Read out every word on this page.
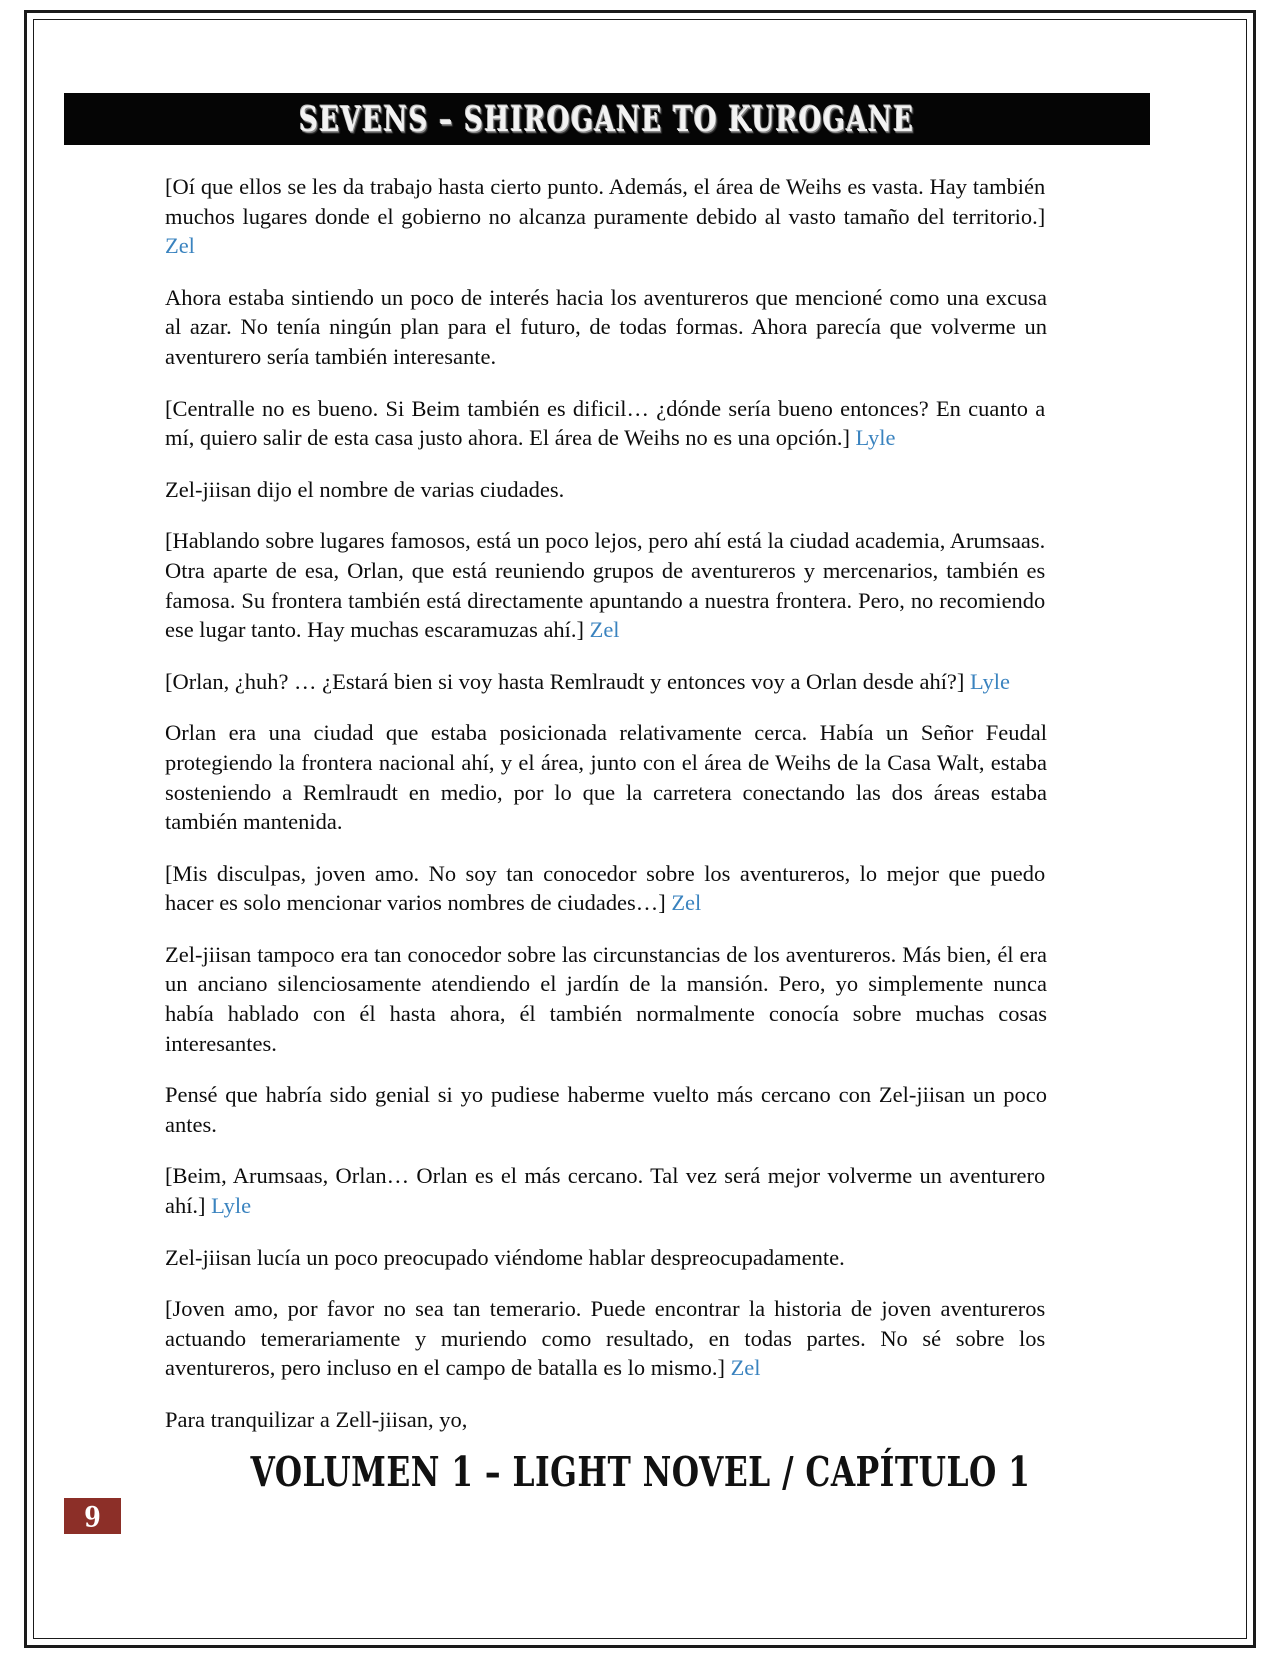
SEVENS – SHIROGANE TO KUROGANE

[Oí que ellos se les da trabajo hasta cierto punto. Además, el área de Weihs es vasta. Hay también muchos lugares donde el gobierno no alcanza puramente debido al vasto tamaño del territorio.] Zel

Ahora estaba sintiendo un poco de interés hacia los aventureros que mencioné como una excusa al azar. No tenía ningún plan para el futuro, de todas formas. Ahora parecía que volverme un aventurero sería también interesante.

[Centralle no es bueno. Si Beim también es dificil… ¿dónde sería bueno entonces? En cuanto a mí, quiero salir de esta casa justo ahora. El área de Weihs no es una opción.] Lyle

Zel-jiisan dijo el nombre de varias ciudades.

[Hablando sobre lugares famosos, está un poco lejos, pero ahí está la ciudad academia, Arumsaas. Otra aparte de esa, Orlan, que está reuniendo grupos de aventureros y mercenarios, también es famosa. Su frontera también está directamente apuntando a nuestra frontera. Pero, no recomiendo ese lugar tanto. Hay muchas escaramuzas ahí.] Zel

[Orlan, ¿huh? … ¿Estará bien si voy hasta Remlraudt y entonces voy a Orlan desde ahí?] Lyle

Orlan era una ciudad que estaba posicionada relativamente cerca. Había un Señor Feudal protegiendo la frontera nacional ahí, y el área, junto con el área de Weihs de la Casa Walt, estaba sosteniendo a Remlraudt en medio, por lo que la carretera conectando las dos áreas estaba también mantenida.

[Mis disculpas, joven amo. No soy tan conocedor sobre los aventureros, lo mejor que puedo hacer es solo mencionar varios nombres de ciudades…] Zel

Zel-jiisan tampoco era tan conocedor sobre las circunstancias de los aventureros. Más bien, él era un anciano silenciosamente atendiendo el jardín de la mansión. Pero, yo simplemente nunca había hablado con él hasta ahora, él también normalmente conocía sobre muchas cosas interesantes.

Pensé que habría sido genial si yo pudiese haberme vuelto más cercano con Zel-jiisan un poco antes.

[Beim, Arumsaas, Orlan… Orlan es el más cercano. Tal vez será mejor volverme un aventurero ahí.] Lyle

Zel-jiisan lucía un poco preocupado viéndome hablar despreocupadamente.

[Joven amo, por favor no sea tan temerario. Puede encontrar la historia de joven aventureros actuando temerariamente y muriendo como resultado, en todas partes. No sé sobre los aventureros, pero incluso en el campo de batalla es lo mismo.] Zel

Para tranquilizar a Zell-jiisan, yo,

VOLUMEN 1 – LIGHT NOVEL / CAPÍTULO 1
9
